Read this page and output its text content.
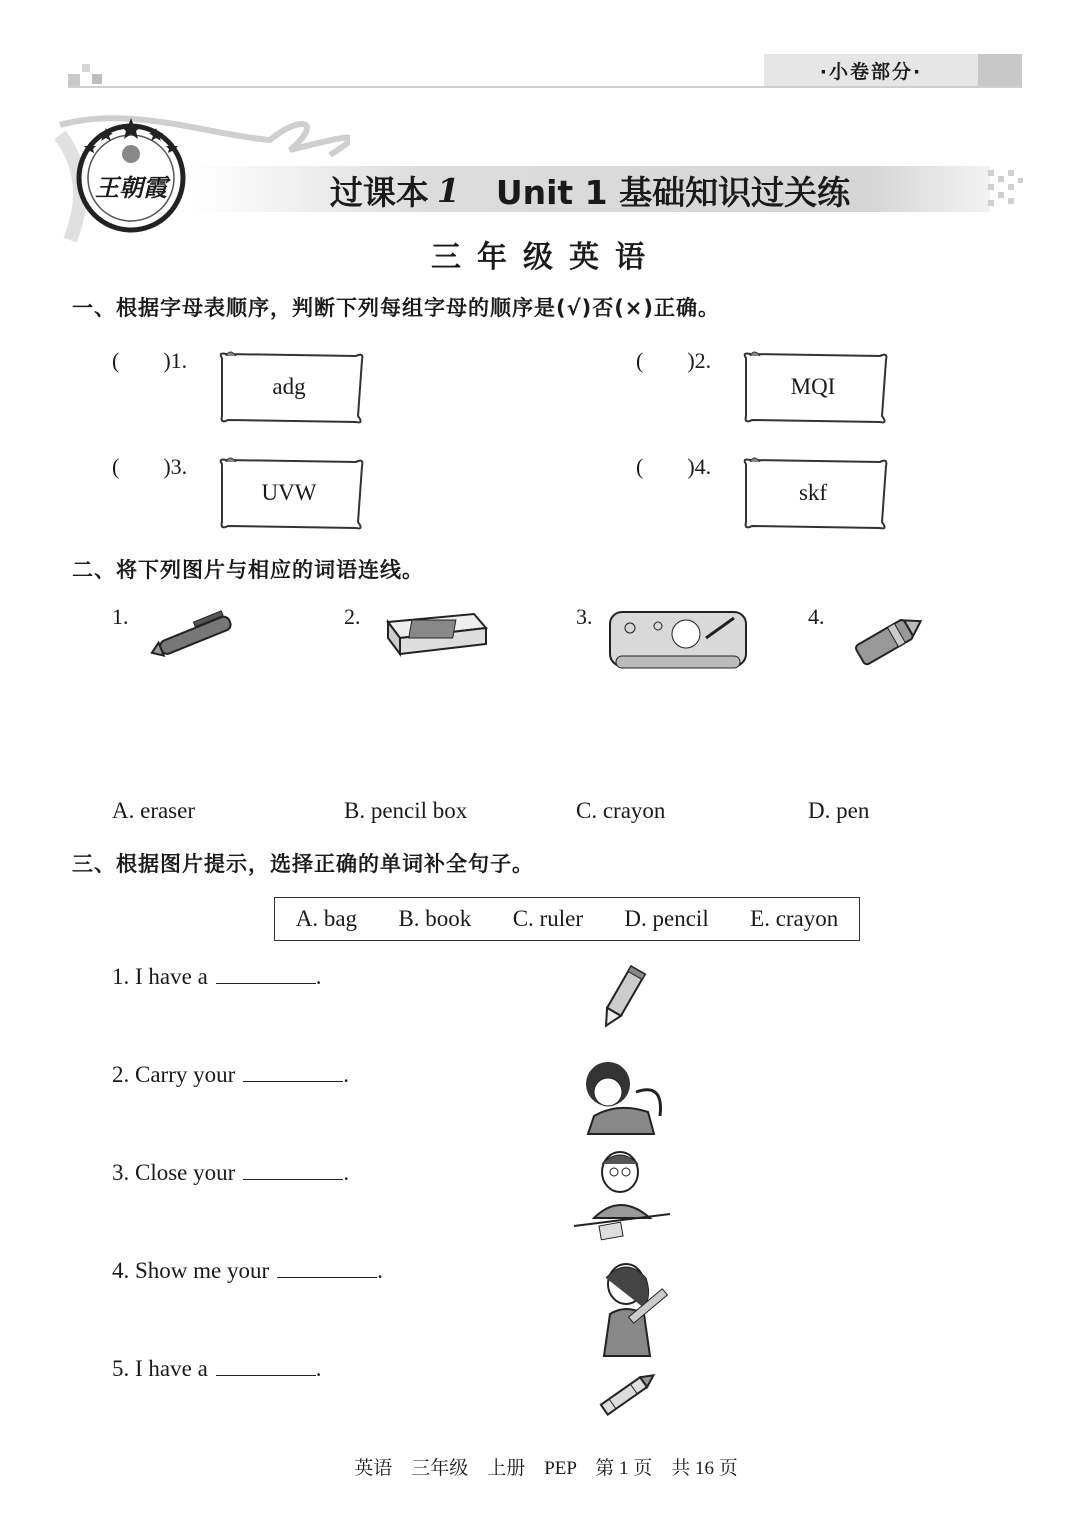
·小卷部分·
王朝霞	过课本 1 Unit 1 基础知识过关练
三年级英语
一、根据字母表顺序，判断下列每组字母的顺序是(√)否(×)正确。
(　　)1.
adg
(　　)2.
MQI
(　　)3.
UVW
(　　)4.
skf
二、将下列图片与相应的词语连线。
1.	2.	3.	4.
A. eraser	B. pencil box	C. crayon	D. pen
三、根据图片提示，选择正确的单词补全句子。
A. bag B. book C. ruler D. pencil E. crayon
1. I have a	.
2. Carry your	.
3. Close your	.
4. Show me your	.
5. I have a	.
英语　三年级　上册　PEP　第 1 页　共 16 页
